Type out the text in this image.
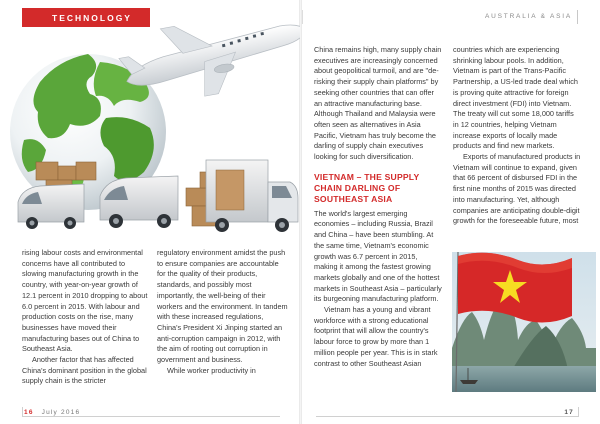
TECHNOLOGY	AUSTRALIA & ASIA

rising labour costs and environmental concerns have all contributed to slowing manufacturing growth in the country, with year-on-year growth of 12.1 percent in 2010 dropping to about 6.0 percent in 2015. With labour and production costs on the rise, many businesses have moved their manufacturing bases out of China to Southeast Asia.

Another factor that has affected China's dominant position in the global supply chain is the stricter

regulatory environment amidst the push to ensure companies are accountable for the quality of their products, standards, and possibly most importantly, the well-being of their workers and the environment. In tandem with these increased regulations, China's President Xi Jinping started an anti-corruption campaign in 2012, with the aim of rooting out corruption in government and business.

While worker productivity in

China remains high, many supply chain executives are increasingly concerned about geopolitical turmoil, and are "de-risking their supply chain platforms" by seeking other countries that can offer an attractive manufacturing base. Although Thailand and Malaysia were often seen as alternatives in Asia Pacific, Vietnam has truly become the darling of supply chain executives looking for such diversification.

VIETNAM – THE SUPPLY CHAIN DARLING OF SOUTHEAST ASIA

The world's largest emerging economies – including Russia, Brazil and China – have been stumbling. At the same time, Vietnam's economic growth was 6.7 percent in 2015, making it among the fastest growing markets globally and one of the hottest markets in Southeast Asia – particularly its burgeoning manufacturing platform.

Vietnam has a young and vibrant workforce with a strong educational footprint that will allow the country's labour force to grow by more than 1 million people per year. This is in stark contrast to other Southeast Asian

countries which are experiencing shrinking labour pools. In addition, Vietnam is part of the Trans-Pacific Partnership, a US-led trade deal which is proving quite attractive for foreign direct investment (FDI) into Vietnam. The treaty will cut some 18,000 tariffs in 12 countries, helping Vietnam increase exports of locally made products and find new markets.

Exports of manufactured products in Vietnam will continue to expand, given that 66 percent of disbursed FDI in the first nine months of 2015 was directed into manufacturing. Yet, although companies are anticipating double-digit growth for the foreseeable future, most

16 July 2016	17
